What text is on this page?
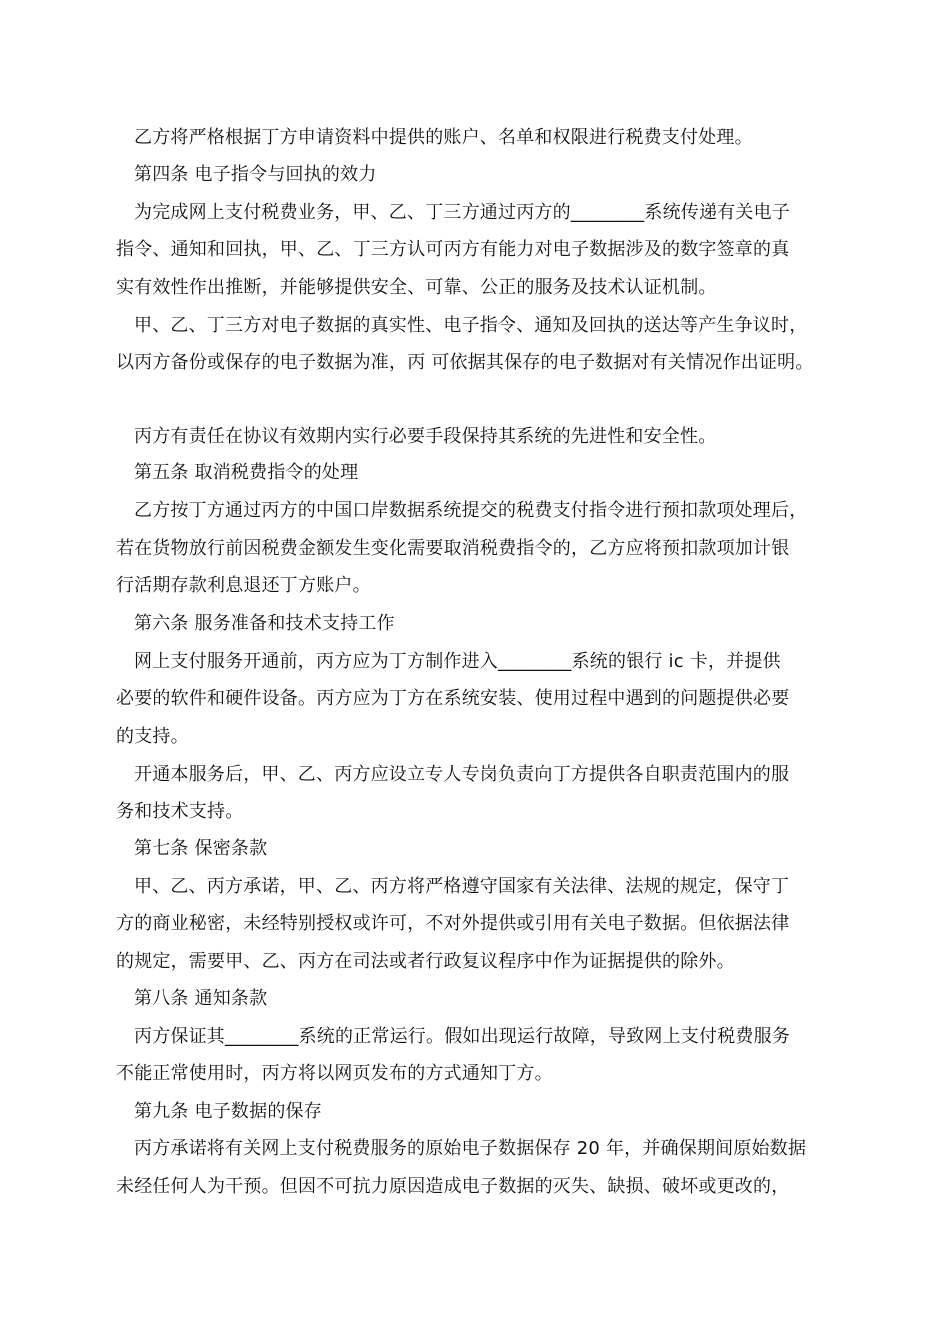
乙方将严格根据丁方申请资料中提供的账户、名单和权限进行税费支付处理。
第四条 电子指令与回执的效力
为完成网上支付税费业务，甲、乙、丁三方通过丙方的________系统传递有关电子
指令、通知和回执，甲、乙、丁三方认可丙方有能力对电子数据涉及的数字签章的真
实有效性作出推断，并能够提供安全、可靠、公正的服务及技术认证机制。
甲、乙、丁三方对电子数据的真实性、电子指令、通知及回执的送达等产生争议时，
以丙方备份或保存的电子数据为准，丙 可依据其保存的电子数据对有关情况作出证明。
丙方有责任在协议有效期内实行必要手段保持其系统的先进性和安全性。
第五条 取消税费指令的处理
乙方按丁方通过丙方的中国口岸数据系统提交的税费支付指令进行预扣款项处理后，
若在货物放行前因税费金额发生变化需要取消税费指令的，乙方应将预扣款项加计银
行活期存款利息退还丁方账户。
第六条 服务准备和技术支持工作
网上支付服务开通前，丙方应为丁方制作进入________系统的银行 ic 卡，并提供
必要的软件和硬件设备。丙方应为丁方在系统安装、使用过程中遇到的问题提供必要
的支持。
开通本服务后，甲、乙、丙方应设立专人专岗负责向丁方提供各自职责范围内的服
务和技术支持。
第七条 保密条款
甲、乙、丙方承诺，甲、乙、丙方将严格遵守国家有关法律、法规的规定，保守丁
方的商业秘密，未经特别授权或许可，不对外提供或引用有关电子数据。但依据法律
的规定，需要甲、乙、丙方在司法或者行政复议程序中作为证据提供的除外。
第八条 通知条款
丙方保证其________系统的正常运行。假如出现运行故障，导致网上支付税费服务
不能正常使用时，丙方将以网页发布的方式通知丁方。
第九条 电子数据的保存
丙方承诺将有关网上支付税费服务的原始电子数据保存 20 年，并确保期间原始数据
未经任何人为干预。但因不可抗力原因造成电子数据的灭失、缺损、破坏或更改的，
